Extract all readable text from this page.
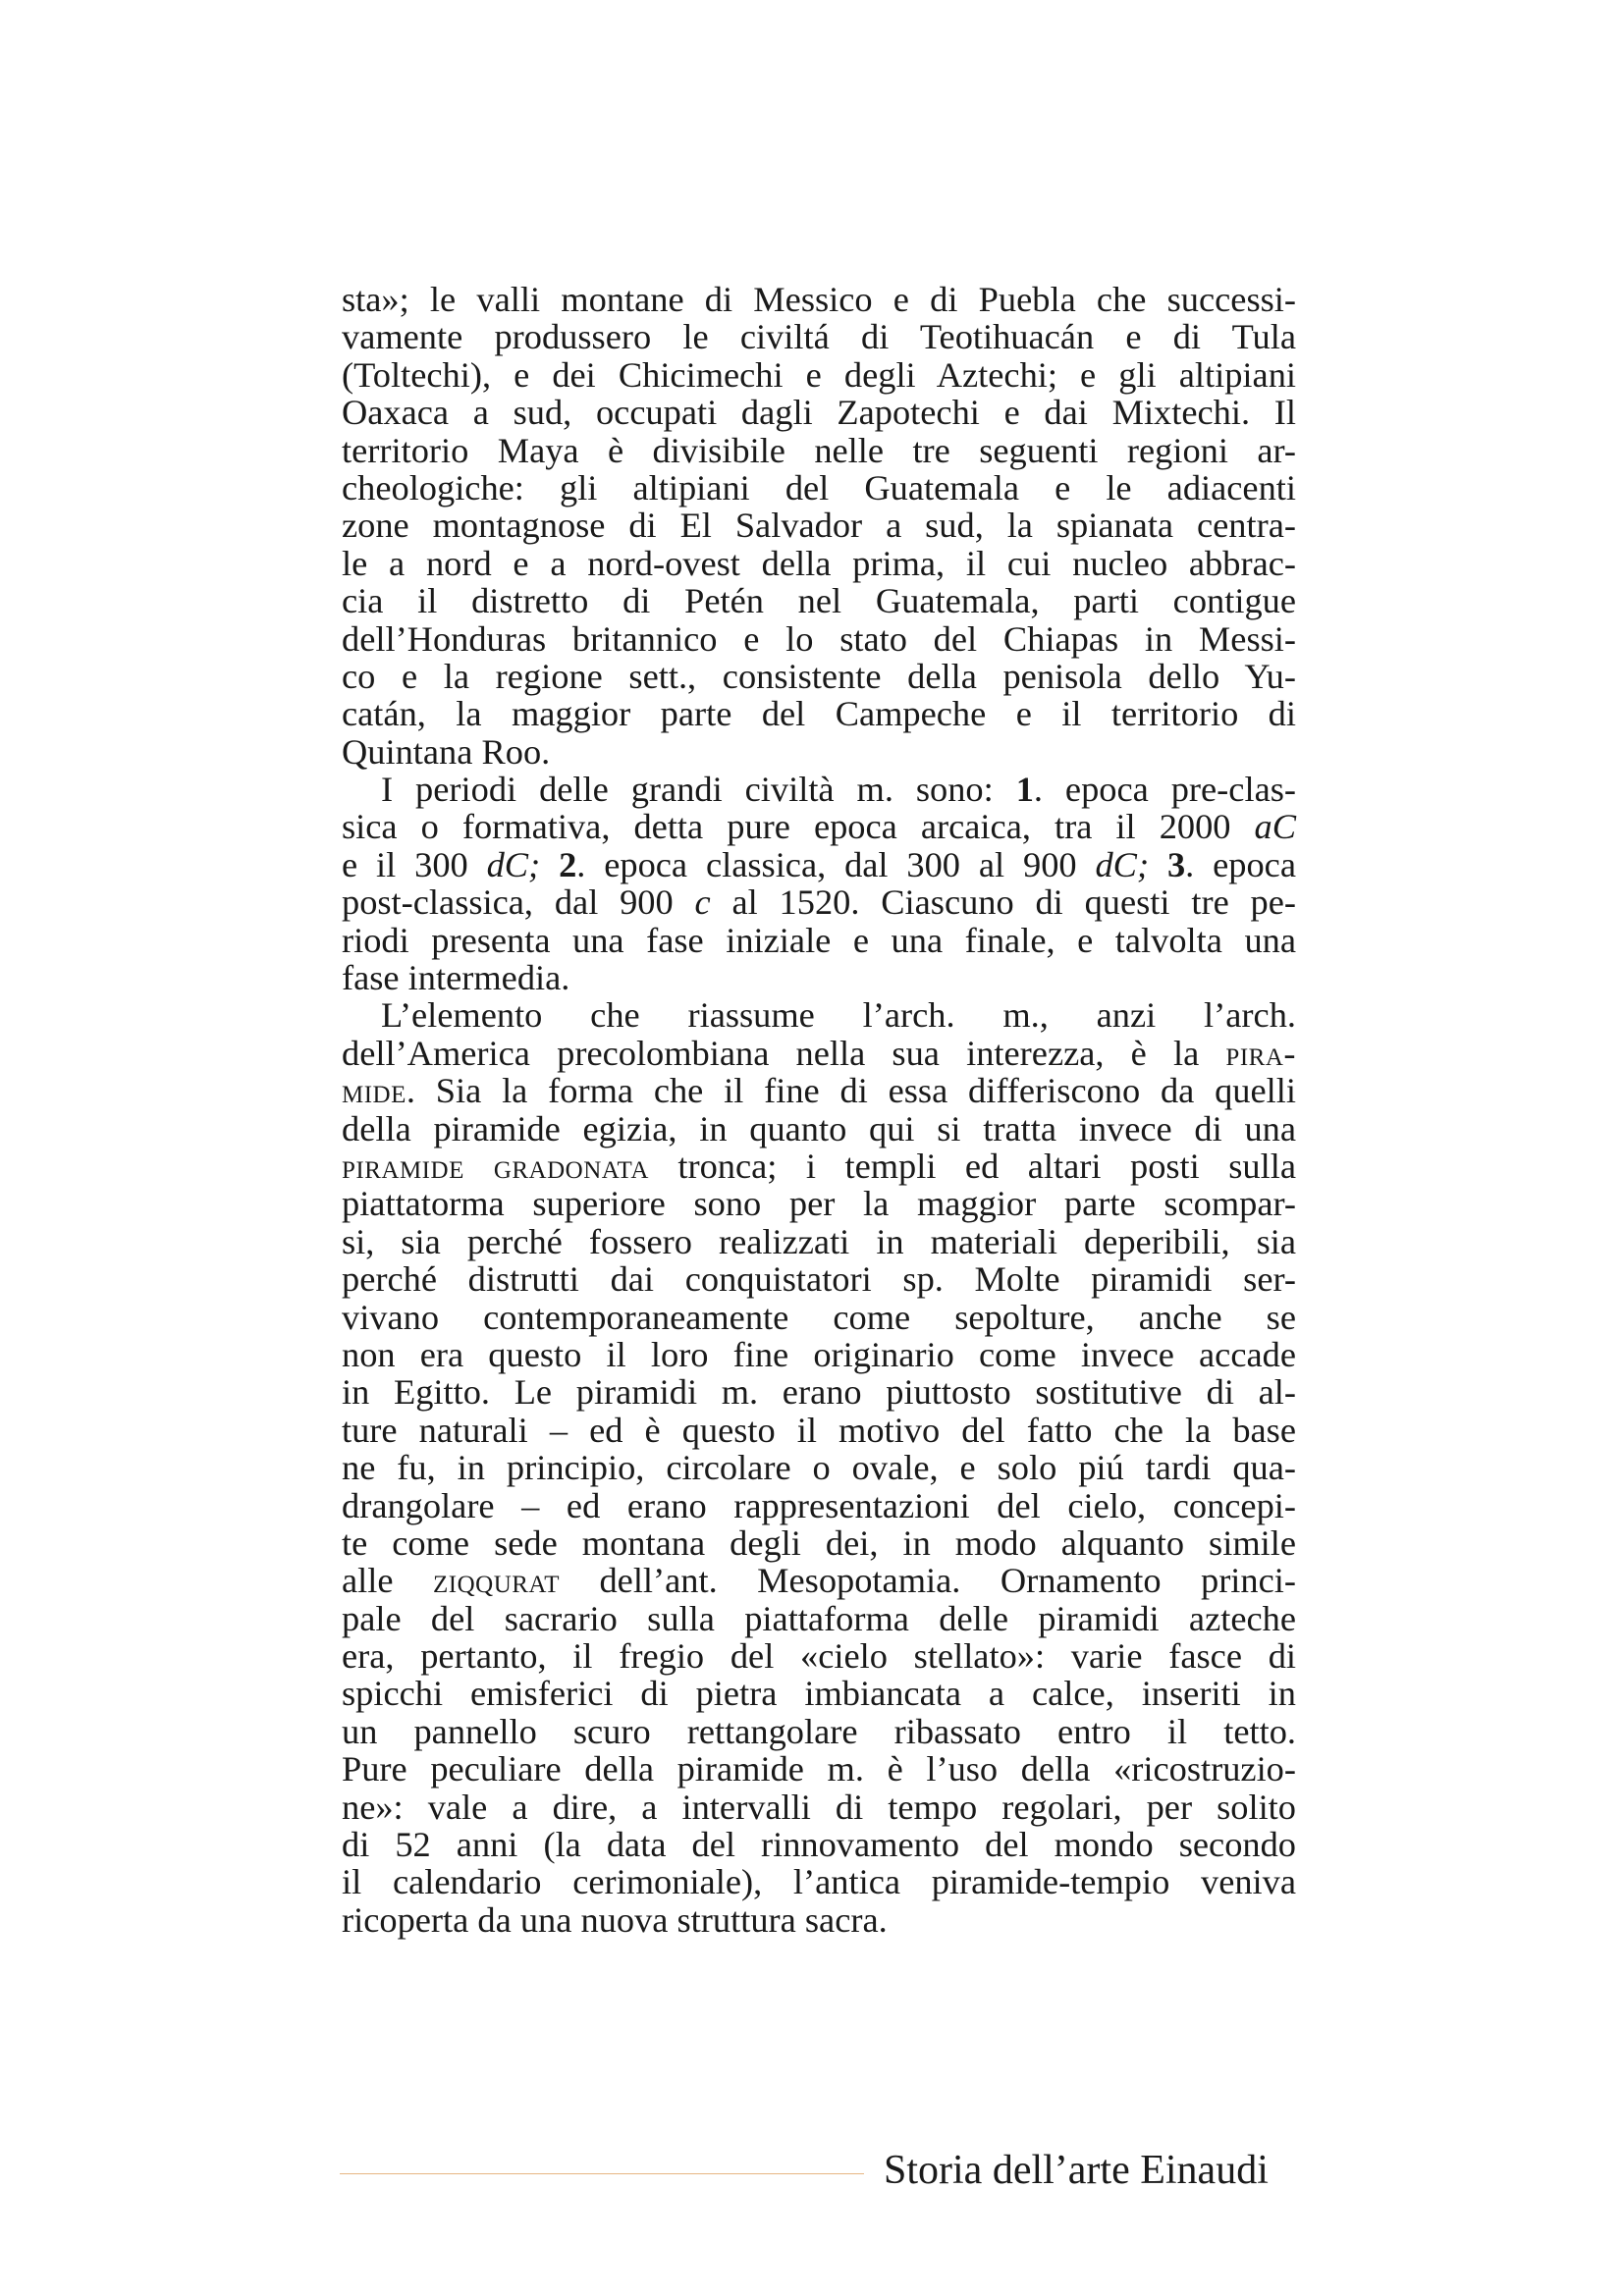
sta»; le valli montane di Messico e di Puebla che successi-
vamente produssero le civiltá di Teotihuacán e di Tula
(Toltechi), e dei Chicimechi e degli Aztechi; e gli altipiani
Oaxaca a sud, occupati dagli Zapotechi e dai Mixtechi. Il
territorio Maya è divisibile nelle tre seguenti regioni ar-
cheologiche: gli altipiani del Guatemala e le adiacenti
zone montagnose di El Salvador a sud, la spianata centra-
le a nord e a nord-ovest della prima, il cui nucleo abbrac-
cia il distretto di Petén nel Guatemala, parti contigue
dell’Honduras britannico e lo stato del Chiapas in Messi-
co e la regione sett., consistente della penisola dello Yu-
catán, la maggior parte del Campeche e il territorio di
Quintana Roo.
I periodi delle grandi civiltà m. sono: 1. epoca pre-clas-
sica o formativa, detta pure epoca arcaica, tra il 2000 aC
e il 300 dC; 2. epoca classica, dal 300 al 900 dC; 3. epoca
post-classica, dal 900 c al 1520. Ciascuno di questi tre pe-
riodi presenta una fase iniziale e una finale, e talvolta una
fase intermedia.
L’elemento che riassume l’arch. m., anzi l’arch.
dell’America precolombiana nella sua interezza, è la pira-
mide. Sia la forma che il fine di essa differiscono da quelli
della piramide egizia, in quanto qui si tratta invece di una
piramide gradonata tronca; i templi ed altari posti sulla
piattatorma superiore sono per la maggior parte scompar-
si, sia perché fossero realizzati in materiali deperibili, sia
perché distrutti dai conquistatori sp. Molte piramidi ser-
vivano contemporaneamente come sepolture, anche se
non era questo il loro fine originario come invece accade
in Egitto. Le piramidi m. erano piuttosto sostitutive di al-
ture naturali – ed è questo il motivo del fatto che la base
ne fu, in principio, circolare o ovale, e solo piú tardi qua-
drangolare – ed erano rappresentazioni del cielo, concepi-
te come sede montana degli dei, in modo alquanto simile
alle ziqqurat dell’ant. Mesopotamia. Ornamento princi-
pale del sacrario sulla piattaforma delle piramidi azteche
era, pertanto, il fregio del «cielo stellato»: varie fasce di
spicchi emisferici di pietra imbiancata a calce, inseriti in
un pannello scuro rettangolare ribassato entro il tetto.
Pure peculiare della piramide m. è l’uso della «ricostruzio-
ne»: vale a dire, a intervalli di tempo regolari, per solito
di 52 anni (la data del rinnovamento del mondo secondo
il calendario cerimoniale), l’antica piramide-tempio veniva
ricoperta da una nuova struttura sacra.
Storia dell’arte Einaudi
